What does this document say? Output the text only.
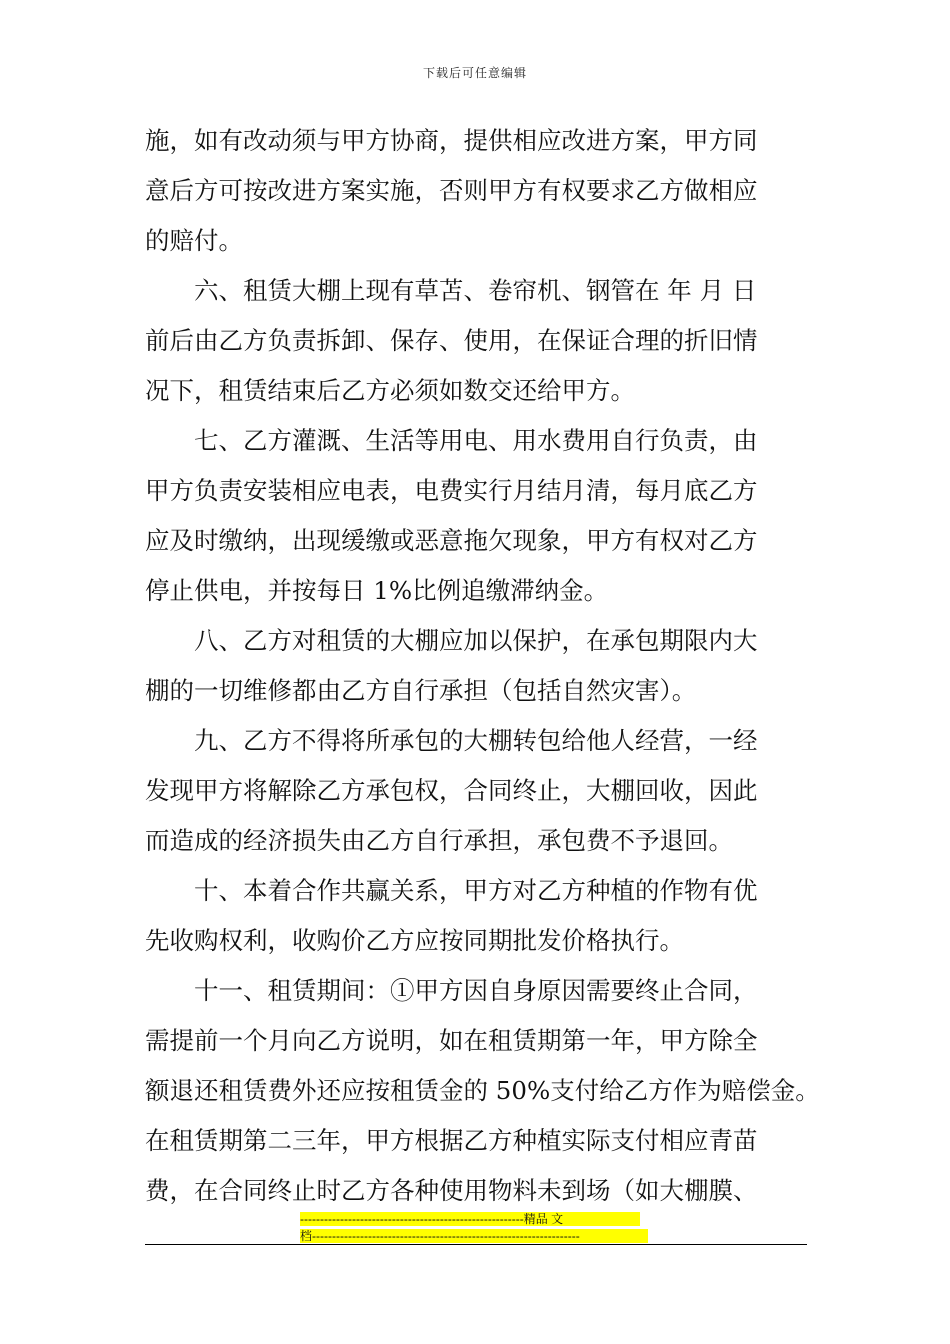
下载后可任意编辑
施，如有改动须与甲方协商，提供相应改进方案，甲方同
意后方可按改进方案实施，否则甲方有权要求乙方做相应
的赔付。
六、租赁大棚上现有草苫、卷帘机、钢管在 年 月 日
前后由乙方负责拆卸、保存、使用，在保证合理的折旧情
况下，租赁结束后乙方必须如数交还给甲方。
七、乙方灌溉、生活等用电、用水费用自行负责，由
甲方负责安装相应电表，电费实行月结月清，每月底乙方
应及时缴纳，出现缓缴或恶意拖欠现象，甲方有权对乙方
停止供电，并按每日 1%比例追缴滞纳金。
八、乙方对租赁的大棚应加以保护，在承包期限内大
棚的一切维修都由乙方自行承担（包括自然灾害）。
九、乙方不得将所承包的大棚转包给他人经营，一经
发现甲方将解除乙方承包权，合同终止，大棚回收，因此
而造成的经济损失由乙方自行承担，承包费不予退回。
十、本着合作共赢关系，甲方对乙方种植的作物有优
先收购权利，收购价乙方应按同期批发价格执行。
十一、租赁期间：①甲方因自身原因需要终止合同，
需提前一个月向乙方说明，如在租赁期第一年，甲方除全
额退还租赁费外还应按租赁金的 50%支付给乙方作为赔偿金。
在租赁期第二三年，甲方根据乙方种植实际支付相应青苗
费，在合同终止时乙方各种使用物料未到场（如大棚膜、
--------------------------------------------------------精品 文
档-------------------------------------------------------------------
